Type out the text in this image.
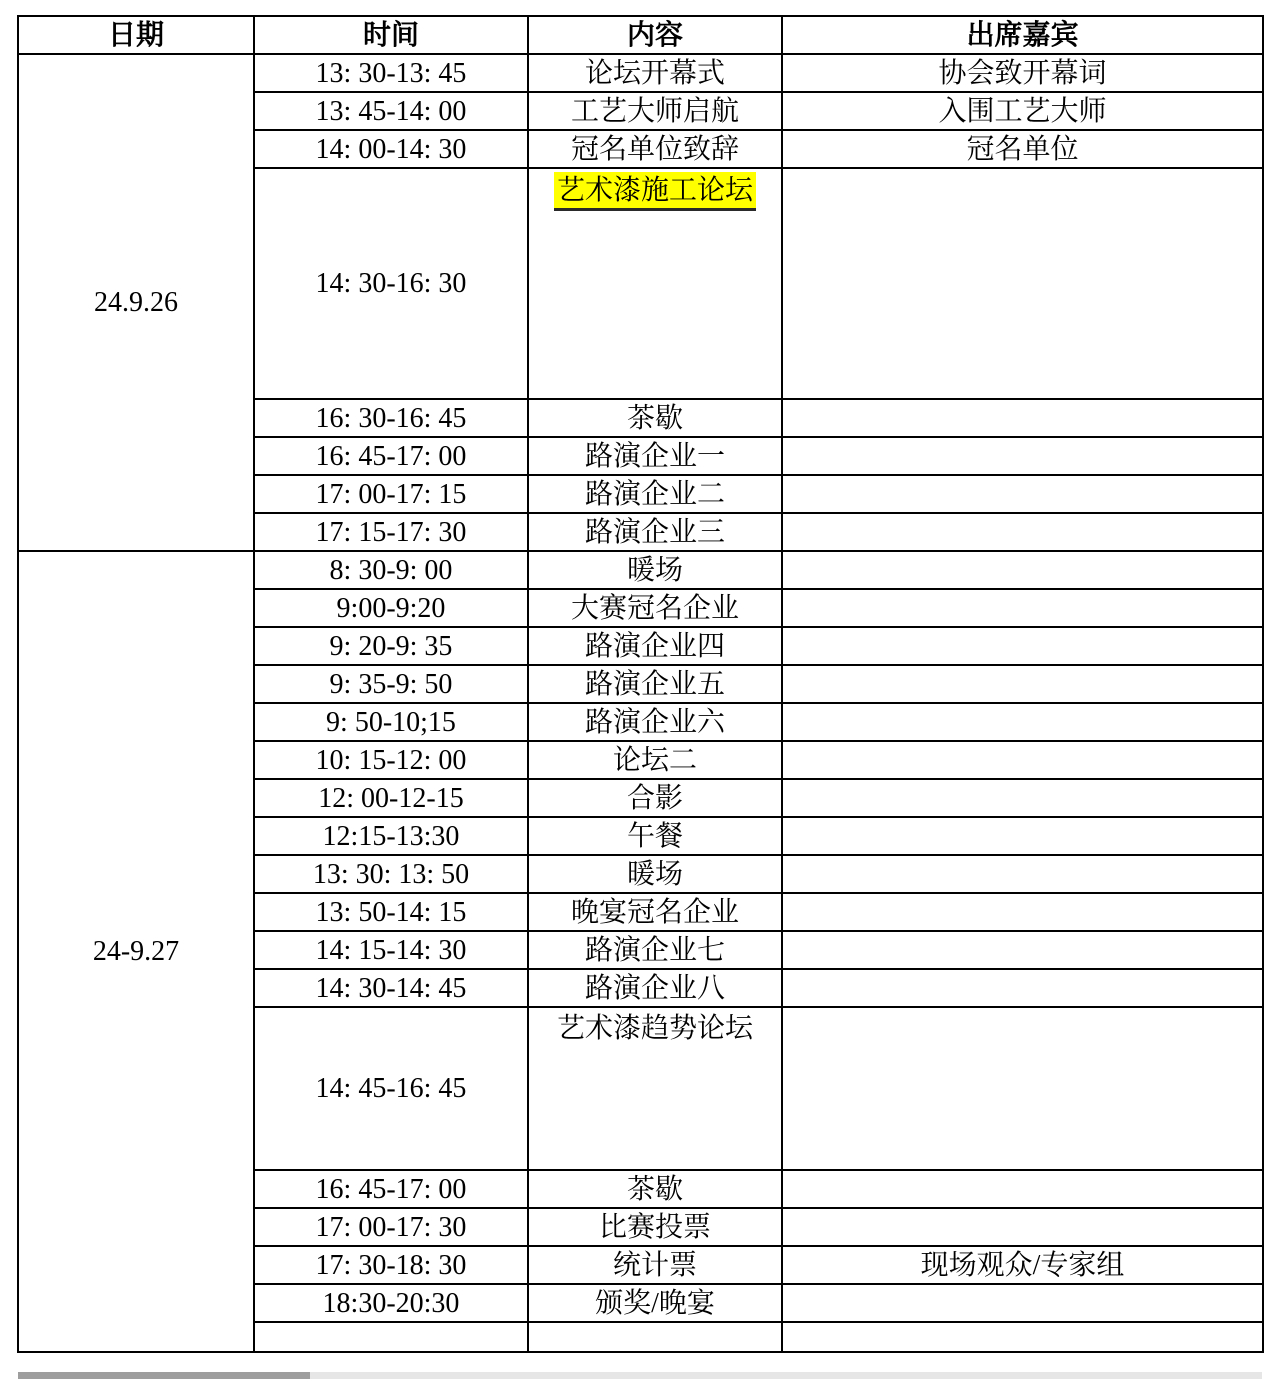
日期	时间	内容	出席嘉宾
24.9.26	13: 30-13: 45	论坛开幕式	协会致开幕词
	13: 45-14: 00	工艺大师启航	入围工艺大师
	14: 00-14: 30	冠名单位致辞	冠名单位
	14: 30-16: 30	艺术漆施工论坛	
	16: 30-16: 45	茶歇	
	16: 45-17: 00	路演企业一	
	17: 00-17: 15	路演企业二	
	17: 15-17: 30	路演企业三	
24-9.27	8: 30-9: 00	暖场	
	9:00-9:20	大赛冠名企业	
	9: 20-9: 35	路演企业四	
	9: 35-9: 50	路演企业五	
	9: 50-10;15	路演企业六	
	10: 15-12: 00	论坛二	
	12: 00-12-15	合影	
	12:15-13:30	午餐	
	13: 30: 13: 50	暖场	
	13: 50-14: 15	晚宴冠名企业	
	14: 15-14: 30	路演企业七	
	14: 30-14: 45	路演企业八	
	14: 45-16: 45	艺术漆趋势论坛	
	16: 45-17: 00	茶歇	
	17: 00-17: 30	比赛投票	
	17: 30-18: 30	统计票	现场观众/专家组
	18:30-20:30	颁奖/晚宴	
